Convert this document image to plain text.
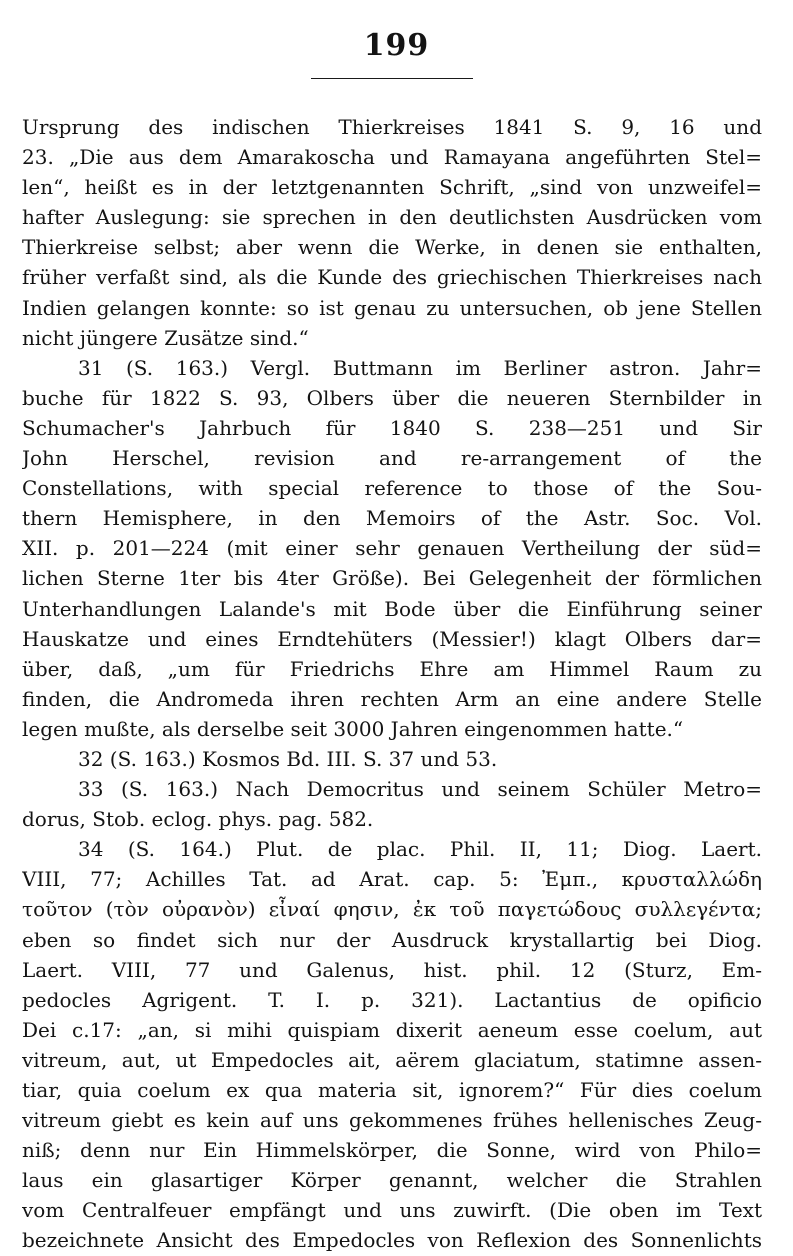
199
Ursprung des indischen Thierkreises 1841 S. 9, 16 und
23. „Die aus dem Amarakoscha und Ramayana angeführten Stel=
len“, heißt es in der letztgenannten Schrift, „sind von unzweifel=
hafter Auslegung: sie sprechen in den deutlichsten Ausdrücken vom
Thierkreise selbst; aber wenn die Werke, in denen sie enthalten,
früher verfaßt sind, als die Kunde des griechischen Thierkreises nach
Indien gelangen konnte: so ist genau zu untersuchen, ob jene Stellen
nicht jüngere Zusätze sind.“
31 (S. 163.) Vergl. Buttmann im Berliner astron. Jahr=
buche für 1822 S. 93, Olbers über die neueren Sternbilder in
Schumacher's Jahrbuch für 1840 S. 238—251 und Sir
John Herschel, revision and re-arrangement of the
Constellations, with special reference to those of the Sou-
thern Hemisphere, in den Memoirs of the Astr. Soc. Vol.
XII. p. 201—224 (mit einer sehr genauen Vertheilung der süd=
lichen Sterne 1ter bis 4ter Größe). Bei Gelegenheit der förmlichen
Unterhandlungen Lalande's mit Bode über die Einführung seiner
Hauskatze und eines Erndtehüters (Messier!) klagt Olbers dar=
über, daß, „um für Friedrichs Ehre am Himmel Raum zu
finden, die Andromeda ihren rechten Arm an eine andere Stelle
legen mußte, als derselbe seit 3000 Jahren eingenommen hatte.“
32 (S. 163.) Kosmos Bd. III. S. 37 und 53.
33 (S. 163.) Nach Democritus und seinem Schüler Metro=
dorus, Stob. eclog. phys. pag. 582.
34 (S. 164.) Plut. de plac. Phil. II, 11; Diog. Laert.
VIII, 77; Achilles Tat. ad Arat. cap. 5: Ἐμπ., κρυσταλλώδη
τοῦτον (τὸν οὐρανὸν) εἶναί φησιν, ἐκ τοῦ παγετώδους συλλεγέντα;
eben so findet sich nur der Ausdruck krystallartig bei Diog.
Laert. VIII, 77 und Galenus, hist. phil. 12 (Sturz, Em-
pedocles Agrigent. T. I. p. 321). Lactantius de opificio
Dei c.17: „an, si mihi quispiam dixerit aeneum esse coelum, aut
vitreum, aut, ut Empedocles ait, aërem glaciatum, statimne assen-
tiar, quia coelum ex qua materia sit, ignorem?“ Für dies coelum
vitreum giebt es kein auf uns gekommenes frühes hellenisches Zeug-
niß; denn nur Ein Himmelskörper, die Sonne, wird von Philo=
laus ein glasartiger Körper genannt, welcher die Strahlen
vom Centralfeuer empfängt und uns zuwirft. (Die oben im Text
bezeichnete Ansicht des Empedocles von Reflexion des Sonnenlichts
